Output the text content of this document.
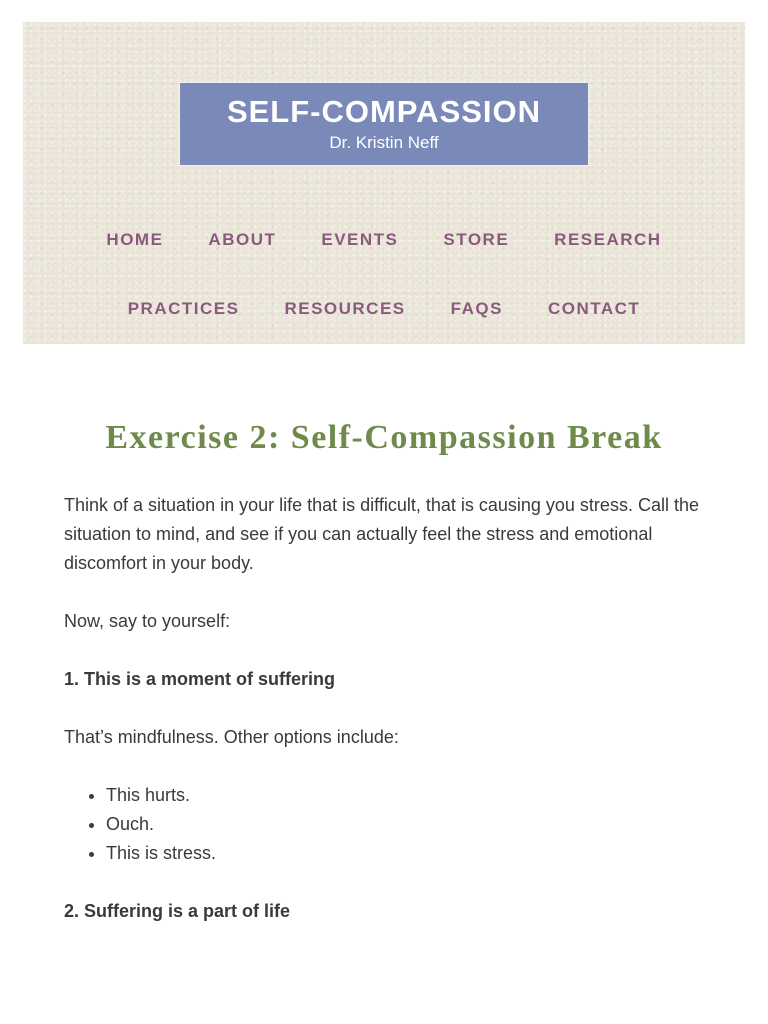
SELF-COMPASSION
Dr. Kristin Neff
HOME	ABOUT	EVENTS	STORE	RESEARCH
PRACTICES	RESOURCES	FAQS	CONTACT
Exercise 2: Self-Compassion Break

Think of a situation in your life that is difficult, that is causing you stress. Call the situation to mind, and see if you can actually feel the stress and emotional discomfort in your body.

Now, say to yourself:

1. This is a moment of suffering

That’s mindfulness. Other options include:

• This hurts.
• Ouch.
• This is stress.

2. Suffering is a part of life
